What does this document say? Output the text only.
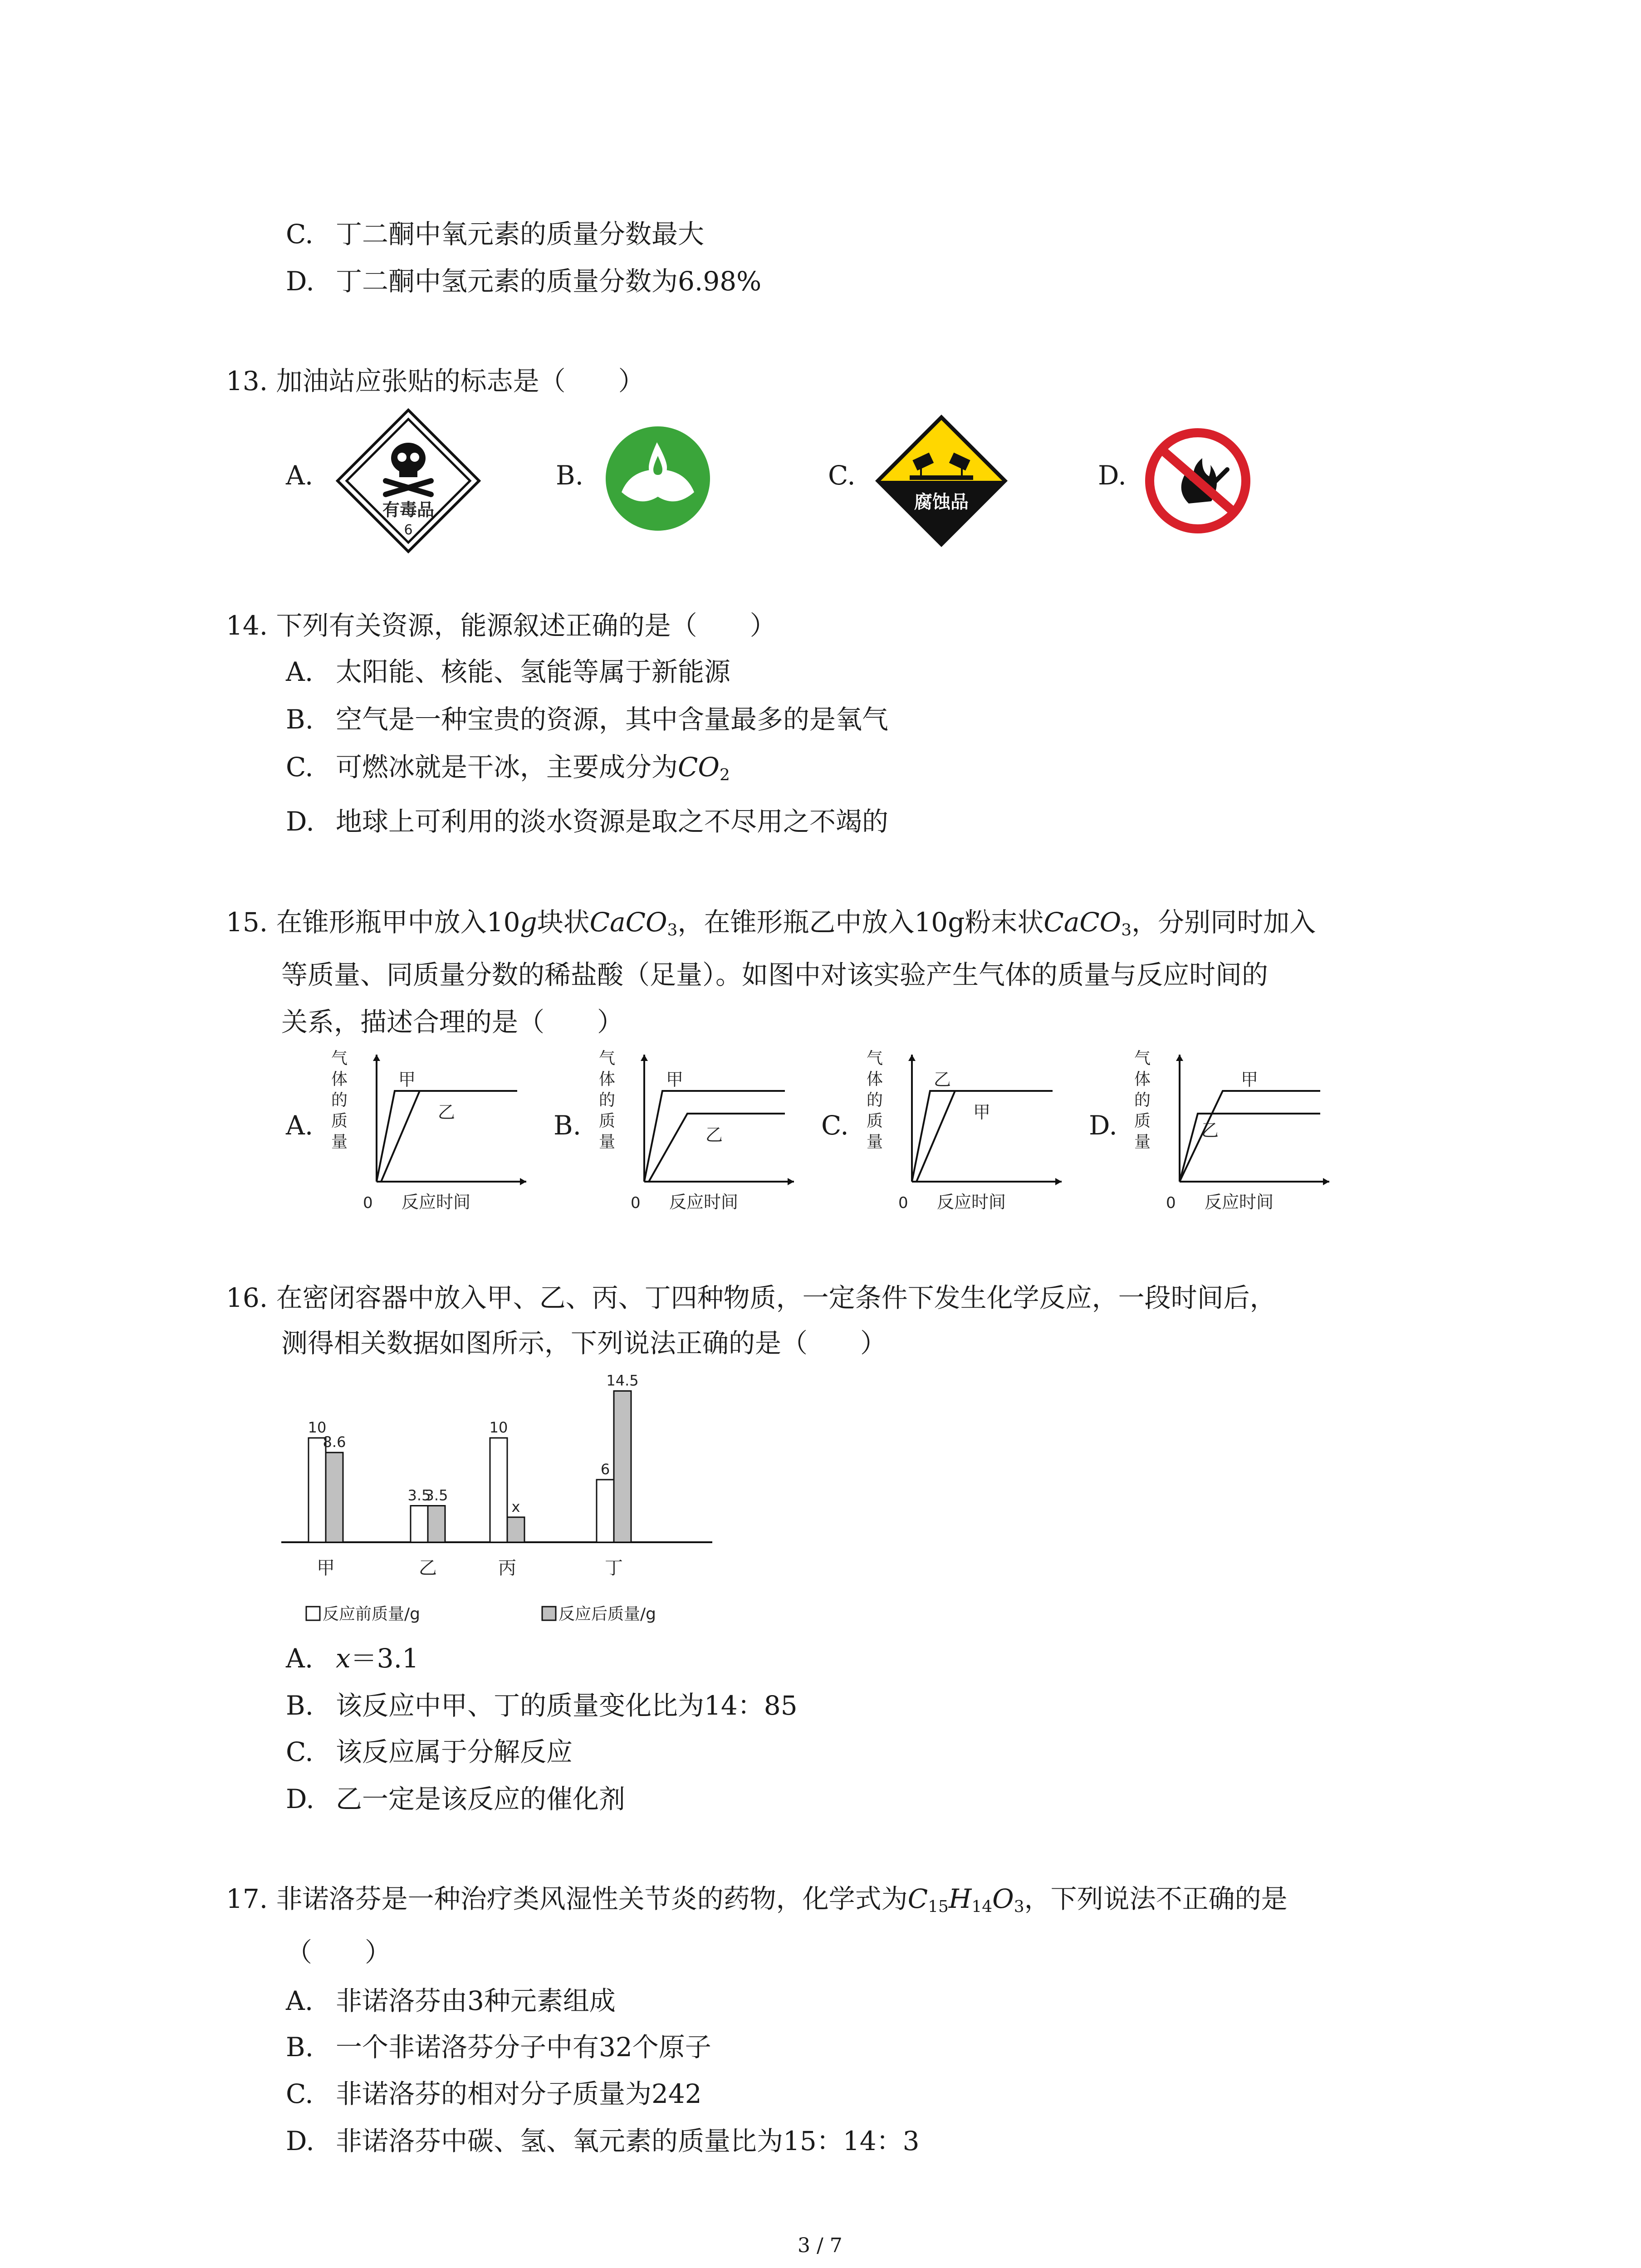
C. 丁二酮中氧元素的质量分数最大
D. 丁二酮中氢元素的质量分数为6.98%
13. 加油站应张贴的标志是（　　）
A.
有毒品
6
B.	C.
腐蚀品
D.
14. 下列有关资源，能源叙述正确的是（　　）
A. 太阳能、核能、氢能等属于新能源
B. 空气是一种宝贵的资源，其中含量最多的是氧气
C. 可燃冰就是干冰，主要成分为$CO_2$
D. 地球上可利用的淡水资源是取之不尽用之不竭的
15. 在锥形瓶甲中放入10g块状CaCO$_3$，在锥形瓶乙中放入10g粉末状CaCO$_3$，分别同时加入
等质量、同质量分数的稀盐酸（足量）。如图中对该实验产生气体的质量与反应时间的
关系，描述合理的是（　　）
A.
气
体
的
质
量
0 反应时间
甲
乙	B.
气
体
的
质
量
0 反应时间
甲
乙	C.
气
体
的
质
量
0 反应时间
乙
甲	D.
气
体
的
质
量
0 反应时间
乙
甲
16. 在密闭容器中放入甲、乙、丙、丁四种物质，一定条件下发生化学反应，一段时间后，
测得相关数据如图所示，下列说法正确的是（　　）
10
8.6
甲
3.5
3.5
乙
10
x
丙
6
14.5
丁
反应前质量/g	反应后质量/g
A. x＝3.1
B. 该反应中甲、丁的质量变化比为14：85
C. 该反应属于分解反应
D. 乙一定是该反应的催化剂
17. 非诺洛芬是一种治疗类风湿性关节炎的药物，化学式为$C_{15}H_{14}O_3$，下列说法不正确的是
（　　）
A. 非诺洛芬由3种元素组成
B. 一个非诺洛芬分子中有32个原子
C. 非诺洛芬的相对分子质量为242
D. 非诺洛芬中碳、氢、氧元素的质量比为15：14：3
3 / 7
